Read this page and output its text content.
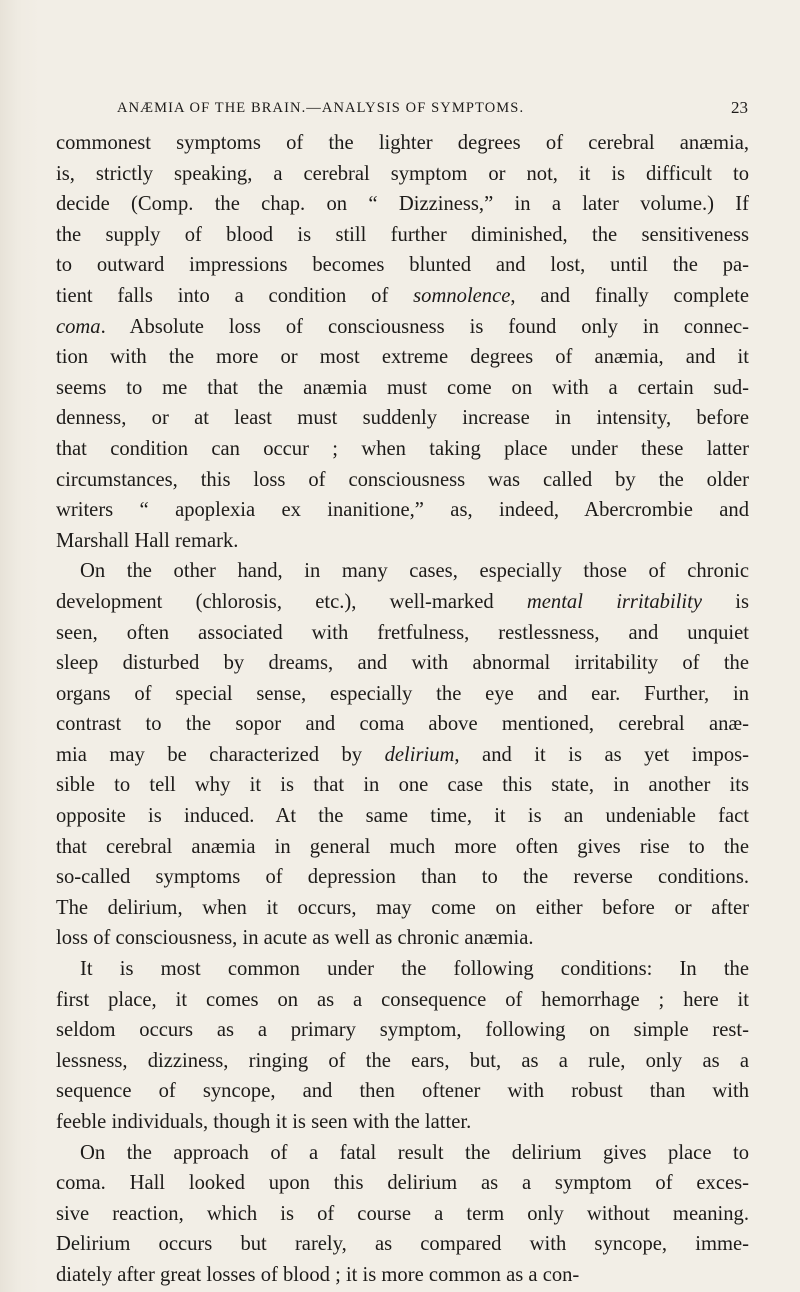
ANÆMIA OF THE BRAIN.—ANALYSIS OF SYMPTOMS.	23

commonest symptoms of the lighter degrees of cerebral anæmia,
is, strictly speaking, a cerebral symptom or not, it is difficult to
decide (Comp. the chap. on “ Dizziness,” in a later volume.) If
the supply of blood is still further diminished, the sensitiveness
to outward impressions becomes blunted and lost, until the pa-
tient falls into a condition of somnolence, and finally complete
coma. Absolute loss of consciousness is found only in connec-
tion with the more or most extreme degrees of anæmia, and it
seems to me that the anæmia must come on with a certain sud-
denness, or at least must suddenly increase in intensity, before
that condition can occur ; when taking place under these latter
circumstances, this loss of consciousness was called by the older
writers “ apoplexia ex inanitione,” as, indeed, Abercrombie and
Marshall Hall remark.

On the other hand, in many cases, especially those of chronic
development (chlorosis, etc.), well-marked mental irritability is
seen, often associated with fretfulness, restlessness, and unquiet
sleep disturbed by dreams, and with abnormal irritability of the
organs of special sense, especially the eye and ear. Further, in
contrast to the sopor and coma above mentioned, cerebral anæ-
mia may be characterized by delirium, and it is as yet impos-
sible to tell why it is that in one case this state, in another its
opposite is induced. At the same time, it is an undeniable fact
that cerebral anæmia in general much more often gives rise to the
so-called symptoms of depression than to the reverse conditions.
The delirium, when it occurs, may come on either before or after
loss of consciousness, in acute as well as chronic anæmia.

It is most common under the following conditions: In the
first place, it comes on as a consequence of hemorrhage ; here it
seldom occurs as a primary symptom, following on simple rest-
lessness, dizziness, ringing of the ears, but, as a rule, only as a
sequence of syncope, and then oftener with robust than with
feeble individuals, though it is seen with the latter.

On the approach of a fatal result the delirium gives place to
coma. Hall looked upon this delirium as a symptom of exces-
sive reaction, which is of course a term only without meaning.
Delirium occurs but rarely, as compared with syncope, imme-
diately after great losses of blood ; it is more common as a con-
